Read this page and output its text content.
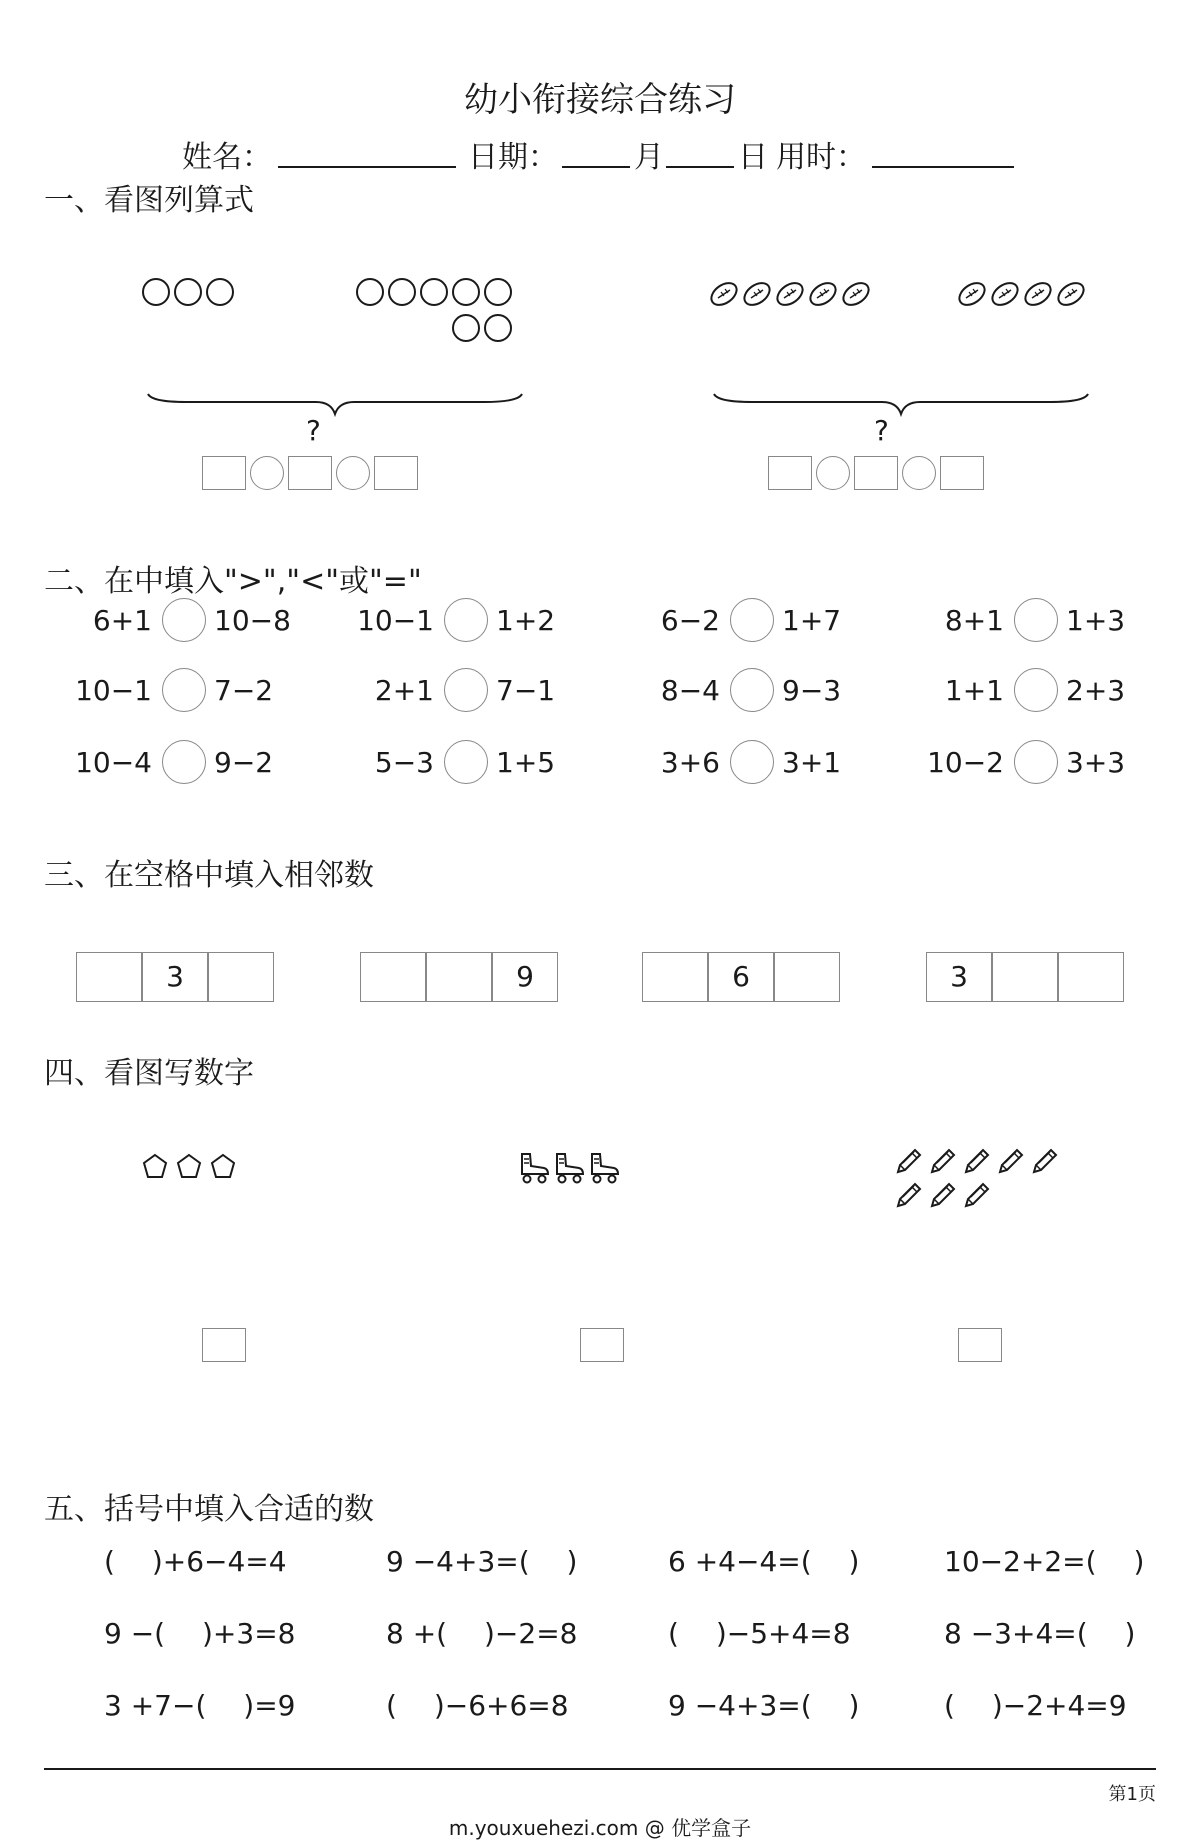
幼小衔接综合练习
姓名：	日期：	月 日 用时：
一、看图列算式
?	?
二、在中填入">","<"或"="
6+1 10−8	10−1 1+2	6−2 1+7	8+1 1+3
10−1 7−2	2+1 7−1	8−4 9−3	1+1 2+3
10−4 9−2	5−3 1+5	3+6 3+1	10−2 3+3
三、在空格中填入相邻数
3	9	6	3
四、看图写数字
五、括号中填入合适的数
(　 )+6−4=4	9 −4+3=(　 )	6 +4−4=(　 )	10−2+2=(　 )
9 −(　 )+3=8	8 +(　 )−2=8	(　 )−5+4=8	8 −3+4=(　 )
3 +7−(　 )=9	(　 )−6+6=8	9 −4+3=(　 )	(　 )−2+4=9
第1页
m.youxuehezi.com @ 优学盒子
